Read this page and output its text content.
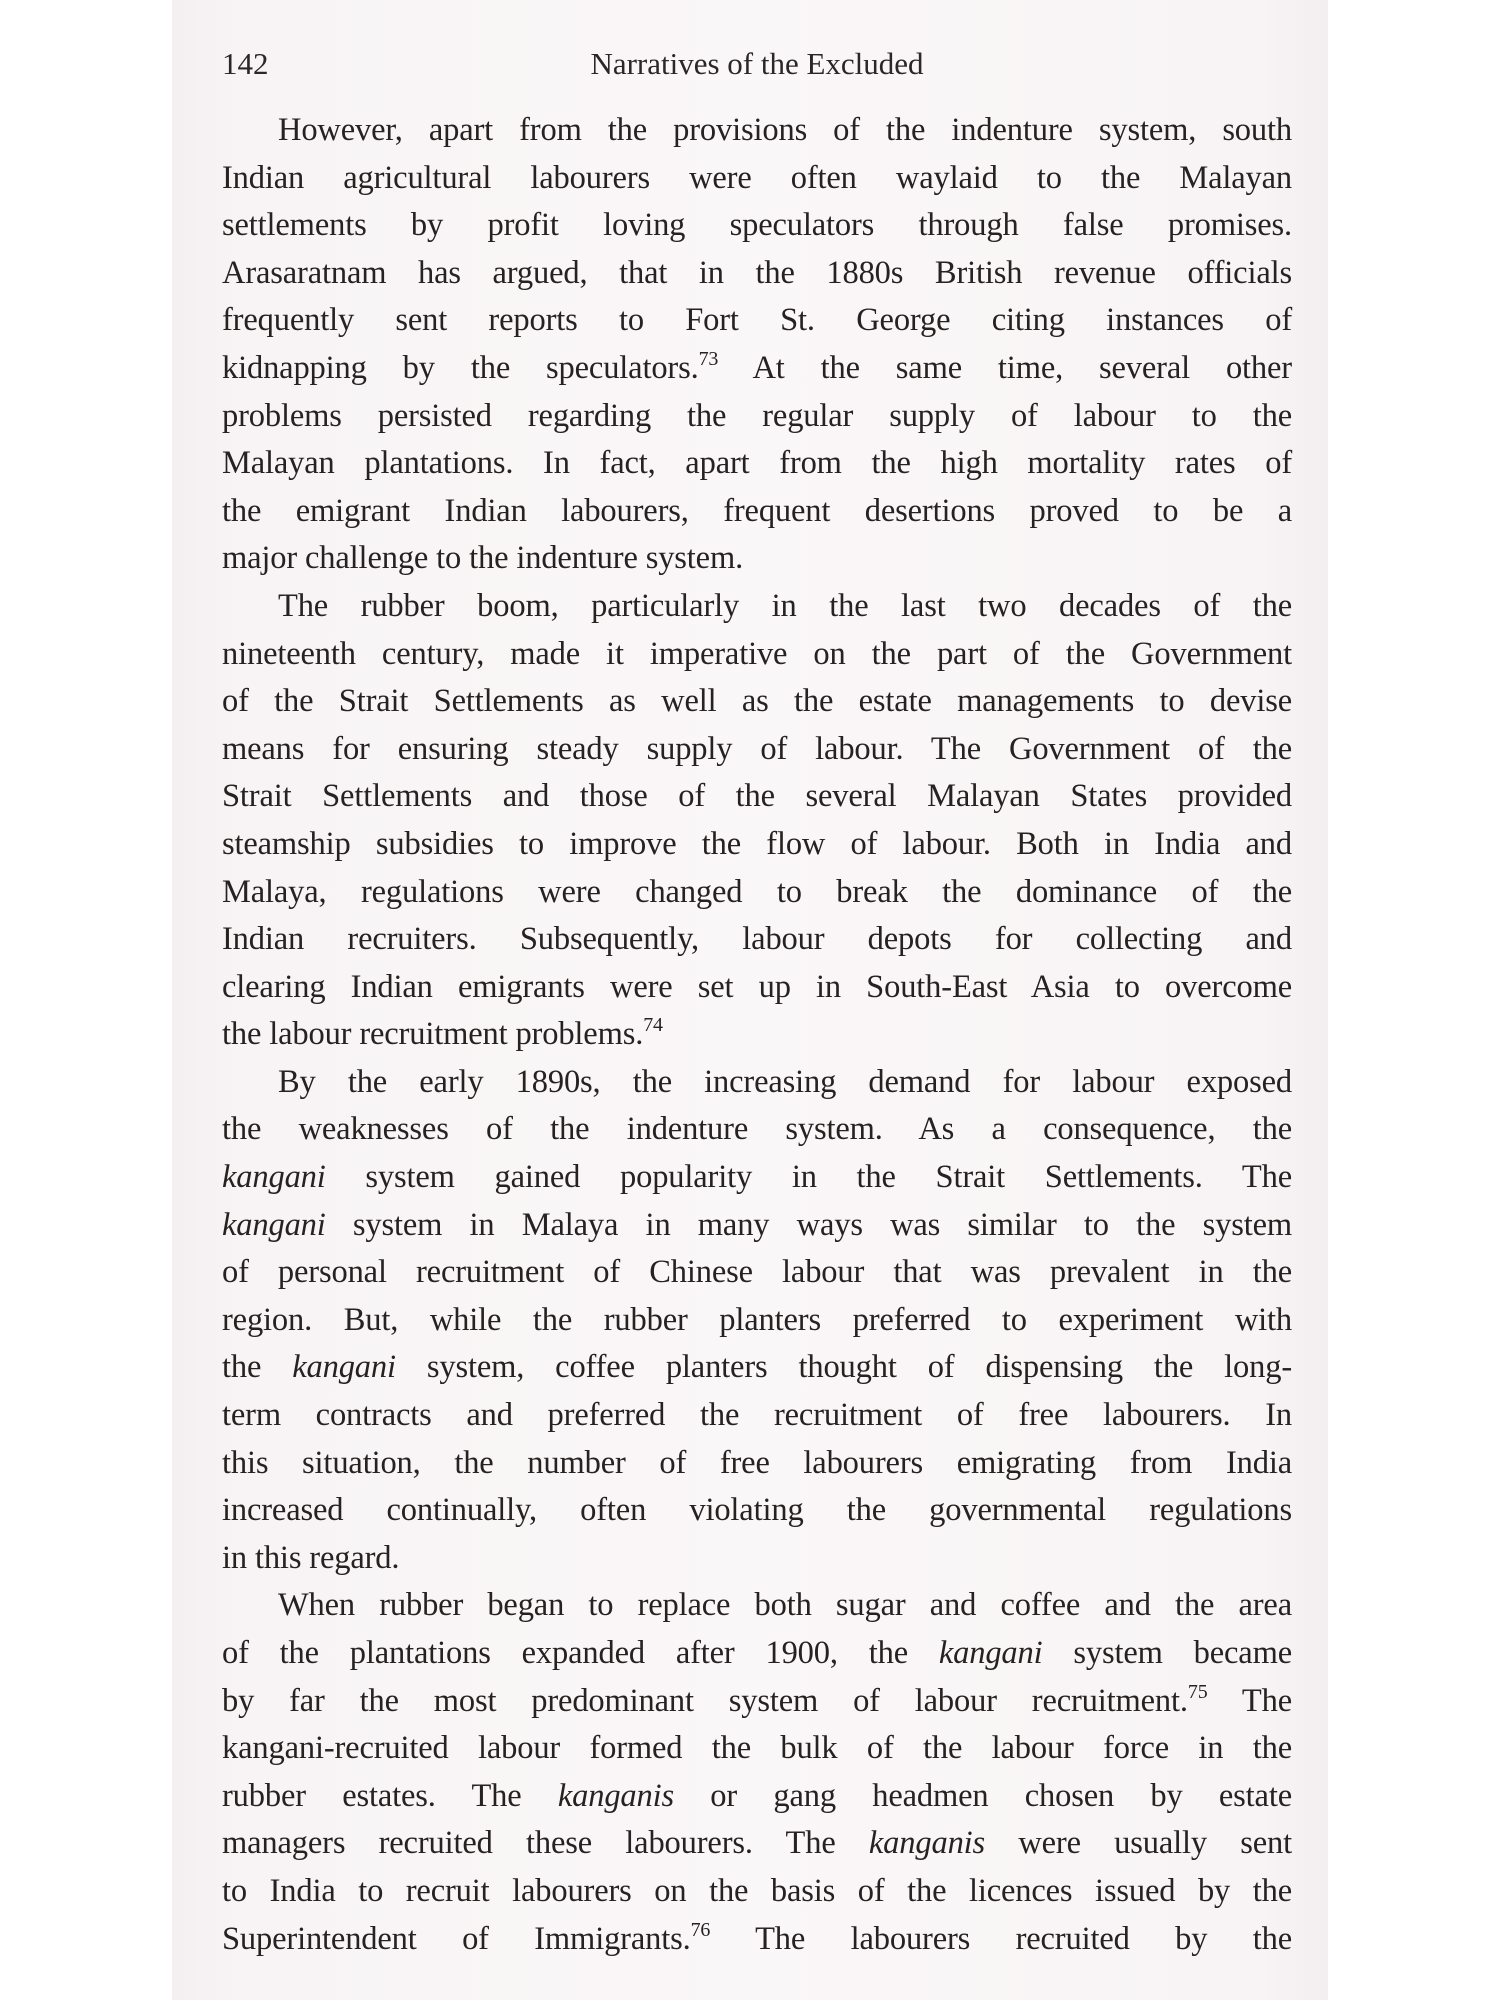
142	Narratives of the Excluded

However, apart from the provisions of the indenture system, south
Indian agricultural labourers were often waylaid to the Malayan
settlements by profit loving speculators through false promises.
Arasaratnam has argued, that in the 1880s British revenue officials
frequently sent reports to Fort St. George citing instances of
kidnapping by the speculators.$^{73}$ At the same time, several other
problems persisted regarding the regular supply of labour to the
Malayan plantations. In fact, apart from the high mortality rates of
the emigrant Indian labourers, frequent desertions proved to be a
major challenge to the indenture system.

The rubber boom, particularly in the last two decades of the
nineteenth century, made it imperative on the part of the Government
of the Strait Settlements as well as the estate managements to devise
means for ensuring steady supply of labour. The Government of the
Strait Settlements and those of the several Malayan States provided
steamship subsidies to improve the flow of labour. Both in India and
Malaya, regulations were changed to break the dominance of the
Indian recruiters. Subsequently, labour depots for collecting and
clearing Indian emigrants were set up in South-East Asia to overcome
the labour recruitment problems.$^{74}$

By the early 1890s, the increasing demand for labour exposed
the weaknesses of the indenture system. As a consequence, the
kangani system gained popularity in the Strait Settlements. The
kangani system in Malaya in many ways was similar to the system
of personal recruitment of Chinese labour that was prevalent in the
region. But, while the rubber planters preferred to experiment with
the kangani system, coffee planters thought of dispensing the long-
term contracts and preferred the recruitment of free labourers. In
this situation, the number of free labourers emigrating from India
increased continually, often violating the governmental regulations
in this regard.

When rubber began to replace both sugar and coffee and the area
of the plantations expanded after 1900, the kangani system became
by far the most predominant system of labour recruitment.$^{75}$ The
kangani-recruited labour formed the bulk of the labour force in the
rubber estates. The kanganis or gang headmen chosen by estate
managers recruited these labourers. The kanganis were usually sent
to India to recruit labourers on the basis of the licences issued by the
Superintendent of Immigrants.$^{76}$ The labourers recruited by the
